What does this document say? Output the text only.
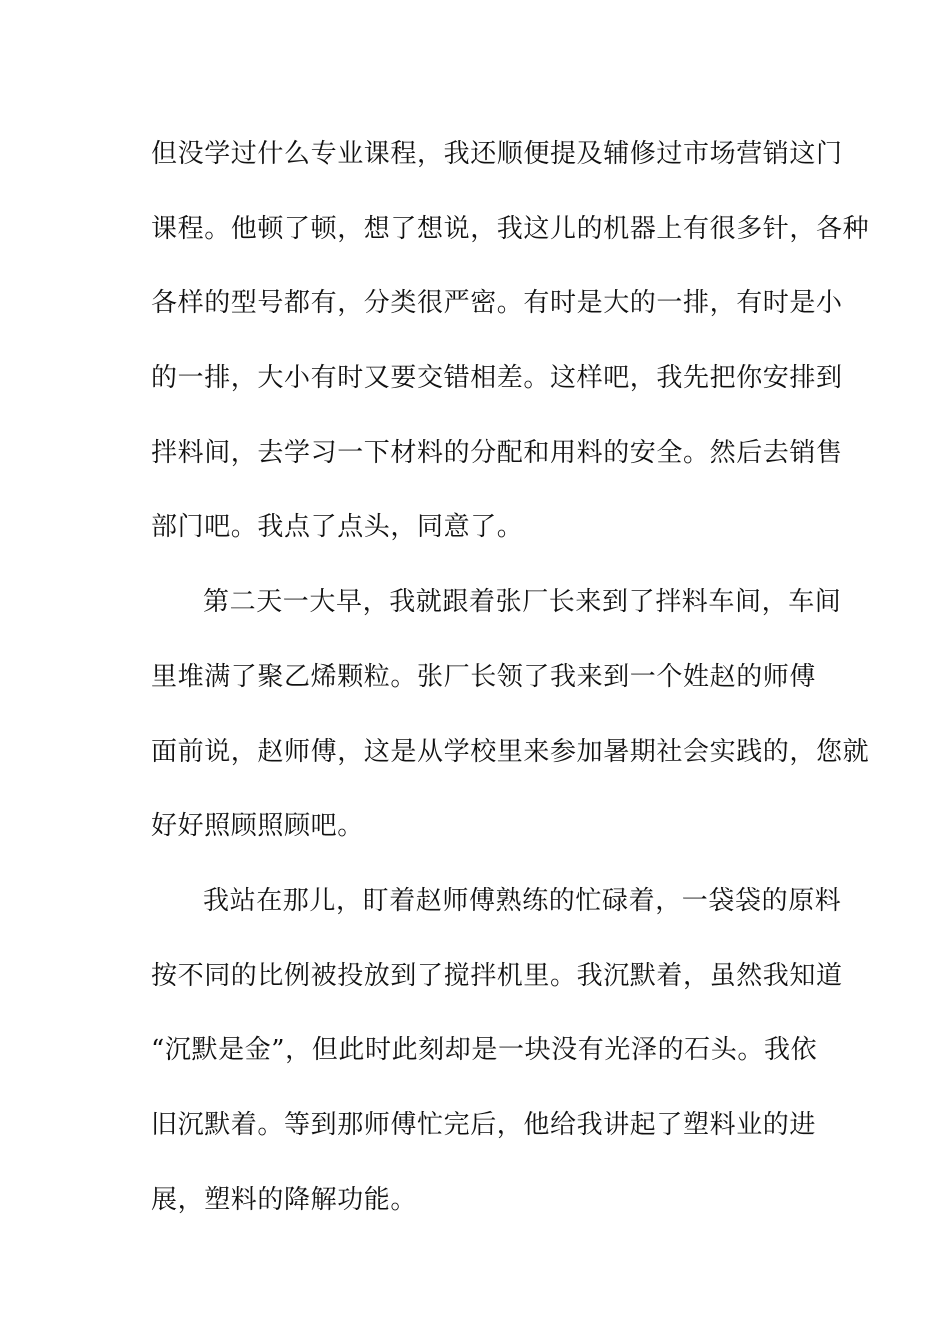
但没学过什么专业课程，我还顺便提及辅修过市场营销这门
课程。他顿了顿，想了想说，我这儿的机器上有很多针，各种
各样的型号都有，分类很严密。有时是大的一排，有时是小
的一排，大小有时又要交错相差。这样吧，我先把你安排到
拌料间，去学习一下材料的分配和用料的安全。然后去销售
部门吧。我点了点头，同意了。
第二天一大早，我就跟着张厂长来到了拌料车间，车间
里堆满了聚乙烯颗粒。张厂长领了我来到一个姓赵的师傅
面前说，赵师傅，这是从学校里来参加暑期社会实践的，您就
好好照顾照顾吧。
我站在那儿，盯着赵师傅熟练的忙碌着，一袋袋的原料
按不同的比例被投放到了搅拌机里。我沉默着，虽然我知道
“沉默是金”，但此时此刻却是一块没有光泽的石头。我依
旧沉默着。等到那师傅忙完后，他给我讲起了塑料业的进
展，塑料的降解功能。
